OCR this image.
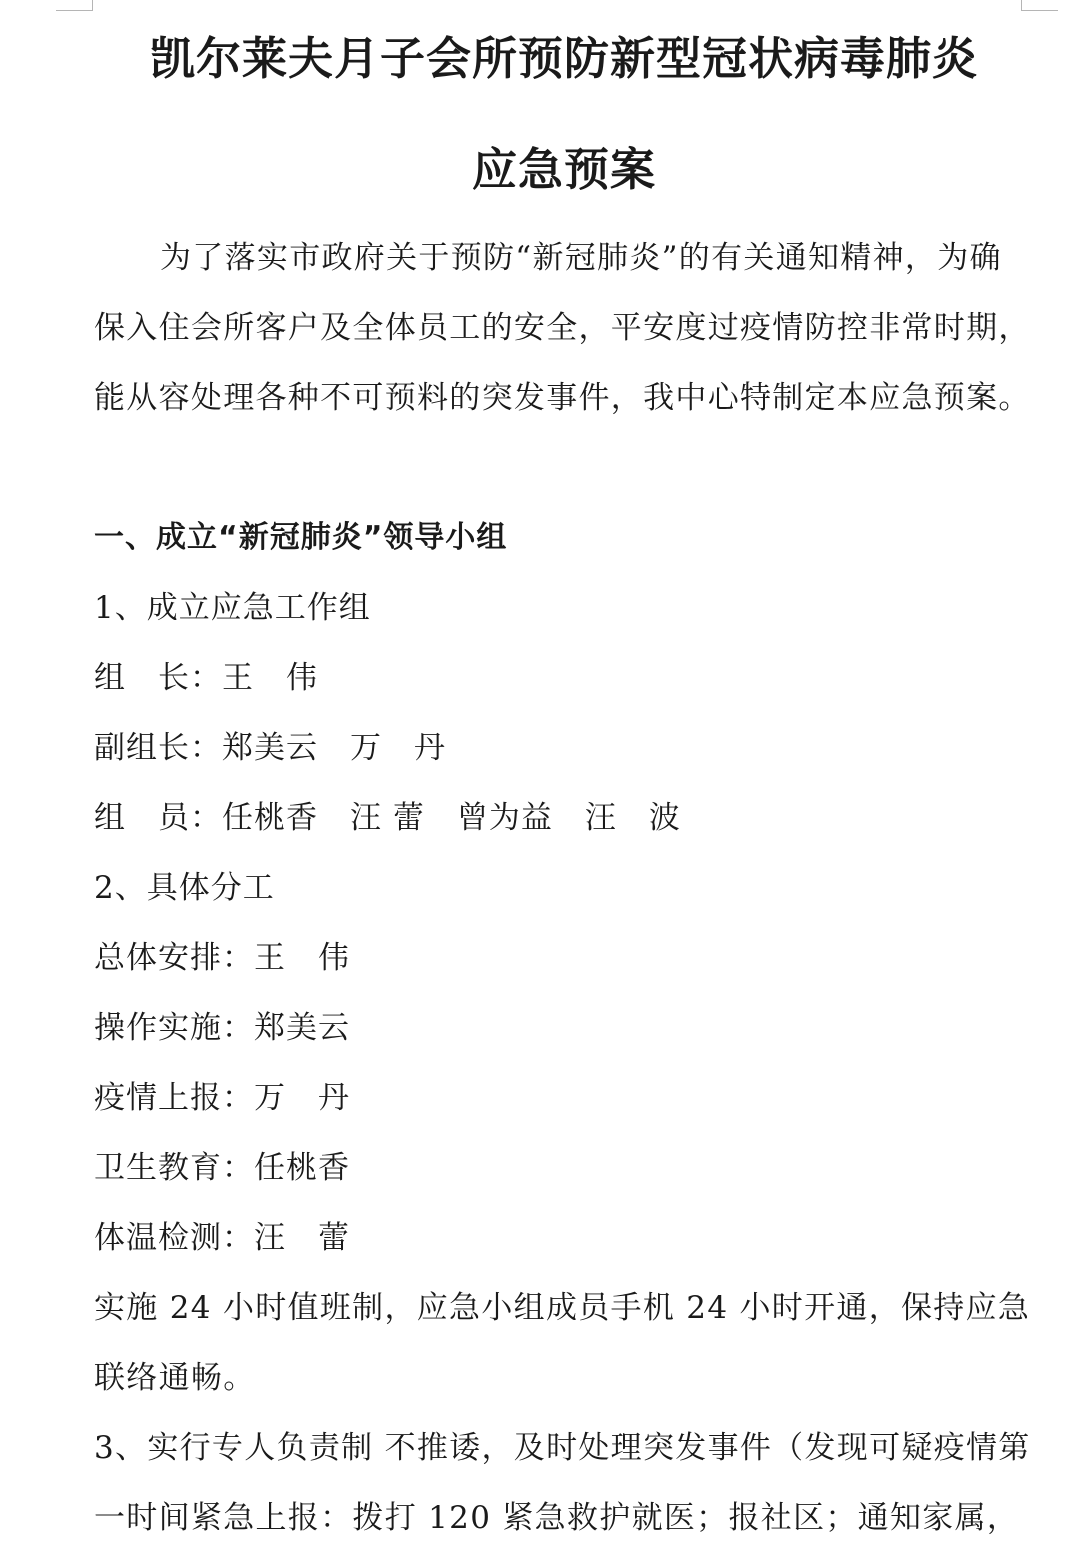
凯尔莱夫月子会所预防新型冠状病毒肺炎
应急预案

为了落实市政府关于预防“新冠肺炎”的有关通知精神，为确保入住会所客户及全体员工的安全，平安度过疫情防控非常时期，能从容处理各种不可预料的突发事件，我中心特制定本应急预案。

一、成立“新冠肺炎”领导小组

1、成立应急工作组

组　长：王　伟

副组长：郑美云　万　丹

组　员：任桃香　汪 蕾　曾为益　汪　波

2、具体分工

总体安排：王　伟

操作实施：郑美云

疫情上报：万　丹

卫生教育：任桃香

体温检测：汪　蕾

实施 24 小时值班制，应急小组成员手机 24 小时开通，保持应急联络通畅。

3、实行专人负责制 不推诿，及时处理突发事件（发现可疑疫情第一时间紧急上报：拨打 120 紧急救护就医；报社区；通知家属，
